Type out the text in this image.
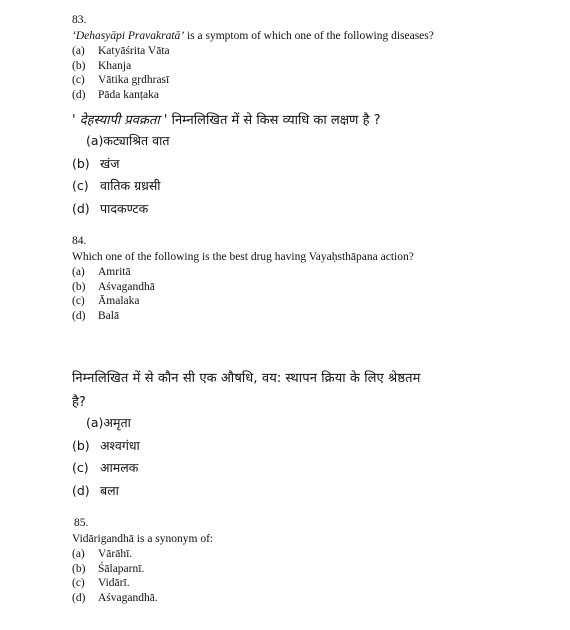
83.
‘Dehasyāpi Pravakratā’ is a symptom of which one of the following diseases?
(a) Katyāśrita Vāta
(b) Khanja
(c) Vātika gṛdhrasī
(d) Pāda kanṭaka
' देहस्यापी प्रवक्रता ' निम्नलिखित में से किस व्याधि का लक्षण है ?
(a)कट्याश्रित वात
(b) खंज
(c) वातिक ग्रध्रसी
(d) पादकण्टक
84.
Which one of the following is the best drug having Vayaḥsthāpana action?
(a) Amritā
(b) Aśvagandhā
(c) Āmalaka
(d) Balā
निम्नलिखित में से कौन सी एक औषधि, वय: स्थापन क्रिया के लिए श्रेष्ठतम
है?
(a)अमृता
(b) अश्वगंधा
(c) आमलक
(d) बला
85.
Vidārigandhā is a synonym of:
(a) Vārāhī.
(b) Śālaparnī.
(c) Vidārī.
(d) Aśvagandhā.
